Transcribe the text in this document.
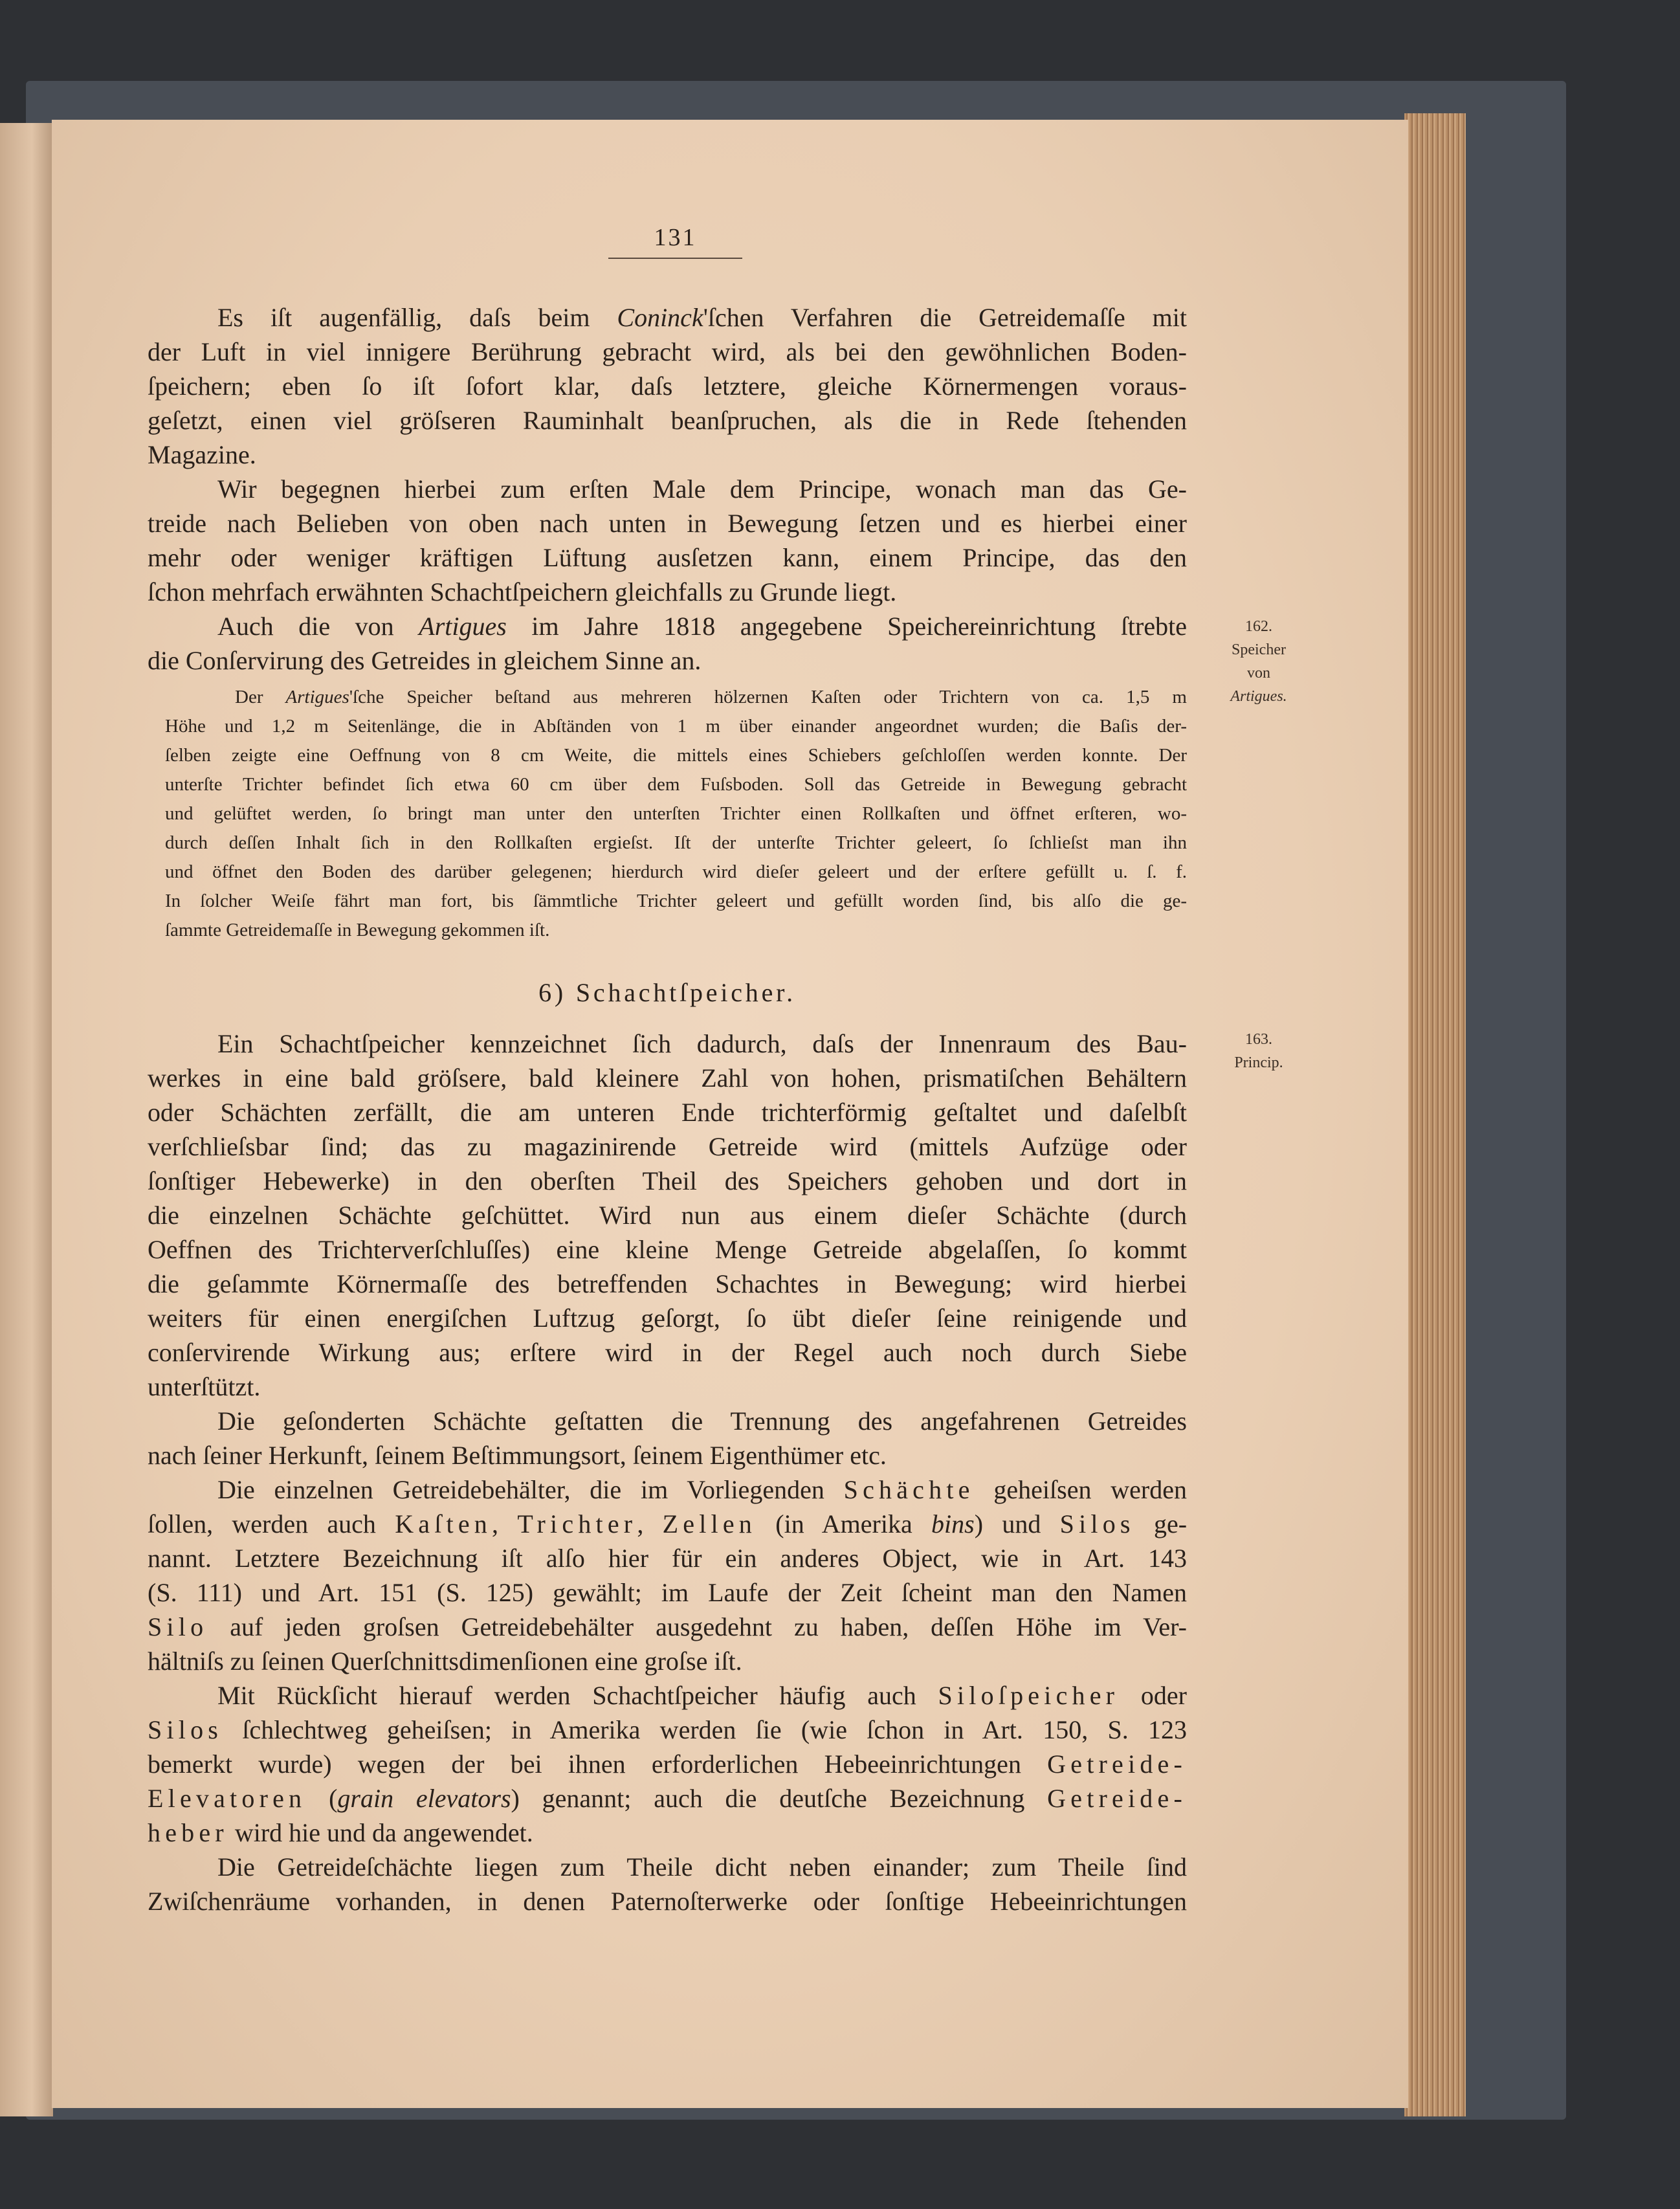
131
Es iſt augenfällig, daſs beim Coninck'ſchen Verfahren die Getreidemaſſe mit
der Luft in viel innigere Berührung gebracht wird, als bei den gewöhnlichen Boden-
ſpeichern; eben ſo iſt ſofort klar, daſs letztere, gleiche Körnermengen voraus-
geſetzt, einen viel gröſseren Rauminhalt beanſpruchen, als die in Rede ſtehenden
Magazine.
Wir begegnen hierbei zum erſten Male dem Principe, wonach man das Ge-
treide nach Belieben von oben nach unten in Bewegung ſetzen und es hierbei einer
mehr oder weniger kräftigen Lüftung ausſetzen kann, einem Principe, das den
ſchon mehrfach erwähnten Schachtſpeichern gleichfalls zu Grunde liegt.
Auch die von Artigues im Jahre 1818 angegebene Speichereinrichtung ſtrebte
die Conſervirung des Getreides in gleichem Sinne an.
Der Artigues'ſche Speicher beſtand aus mehreren hölzernen Kaſten oder Trichtern von ca. 1,5 m
Höhe und 1,2 m Seitenlänge, die in Abſtänden von 1 m über einander angeordnet wurden; die Baſis der-
ſelben zeigte eine Oeffnung von 8 cm Weite, die mittels eines Schiebers geſchloſſen werden konnte. Der
unterſte Trichter befindet ſich etwa 60 cm über dem Fuſsboden. Soll das Getreide in Bewegung gebracht
und gelüftet werden, ſo bringt man unter den unterſten Trichter einen Rollkaſten und öffnet erſteren, wo-
durch deſſen Inhalt ſich in den Rollkaſten ergieſst. Iſt der unterſte Trichter geleert, ſo ſchlieſst man ihn
und öffnet den Boden des darüber gelegenen; hierdurch wird dieſer geleert und der erſtere gefüllt u. ſ. f.
In ſolcher Weiſe fährt man fort, bis ſämmtliche Trichter geleert und gefüllt worden ſind, bis alſo die ge-
ſammte Getreidemaſſe in Bewegung gekommen iſt.
6) Schachtſpeicher.
Ein Schachtſpeicher kennzeichnet ſich dadurch, daſs der Innenraum des Bau-
werkes in eine bald gröſsere, bald kleinere Zahl von hohen, prismatiſchen Behältern
oder Schächten zerfällt, die am unteren Ende trichterförmig geſtaltet und daſelbſt
verſchlieſsbar ſind; das zu magazinirende Getreide wird (mittels Aufzüge oder
ſonſtiger Hebewerke) in den oberſten Theil des Speichers gehoben und dort in
die einzelnen Schächte geſchüttet. Wird nun aus einem dieſer Schächte (durch
Oeffnen des Trichterverſchluſſes) eine kleine Menge Getreide abgelaſſen, ſo kommt
die geſammte Körnermaſſe des betreffenden Schachtes in Bewegung; wird hierbei
weiters für einen energiſchen Luftzug geſorgt, ſo übt dieſer ſeine reinigende und
conſervirende Wirkung aus; erſtere wird in der Regel auch noch durch Siebe
unterſtützt.
Die geſonderten Schächte geſtatten die Trennung des angefahrenen Getreides
nach ſeiner Herkunft, ſeinem Beſtimmungsort, ſeinem Eigenthümer etc.
Die einzelnen Getreidebehälter, die im Vorliegenden Schächte geheiſsen werden
ſollen, werden auch Kaſten, Trichter, Zellen (in Amerika bins) und Silos ge-
nannt. Letztere Bezeichnung iſt alſo hier für ein anderes Object, wie in Art. 143
(S. 111) und Art. 151 (S. 125) gewählt; im Laufe der Zeit ſcheint man den Namen
Silo auf jeden groſsen Getreidebehälter ausgedehnt zu haben, deſſen Höhe im Ver-
hältniſs zu ſeinen Querſchnittsdimenſionen eine groſse iſt.
Mit Rückſicht hierauf werden Schachtſpeicher häufig auch Siloſpeicher oder
Silos ſchlechtweg geheiſsen; in Amerika werden ſie (wie ſchon in Art. 150, S. 123
bemerkt wurde) wegen der bei ihnen erforderlichen Hebeeinrichtungen Getreide-
Elevatoren (grain elevators) genannt; auch die deutſche Bezeichnung Getreide-
heber wird hie und da angewendet.
Die Getreideſchächte liegen zum Theile dicht neben einander; zum Theile ſind
Zwiſchenräume vorhanden, in denen Paternoſterwerke oder ſonſtige Hebeeinrichtungen
162.
Speicher
von
Artigues.
163.
Princip.
